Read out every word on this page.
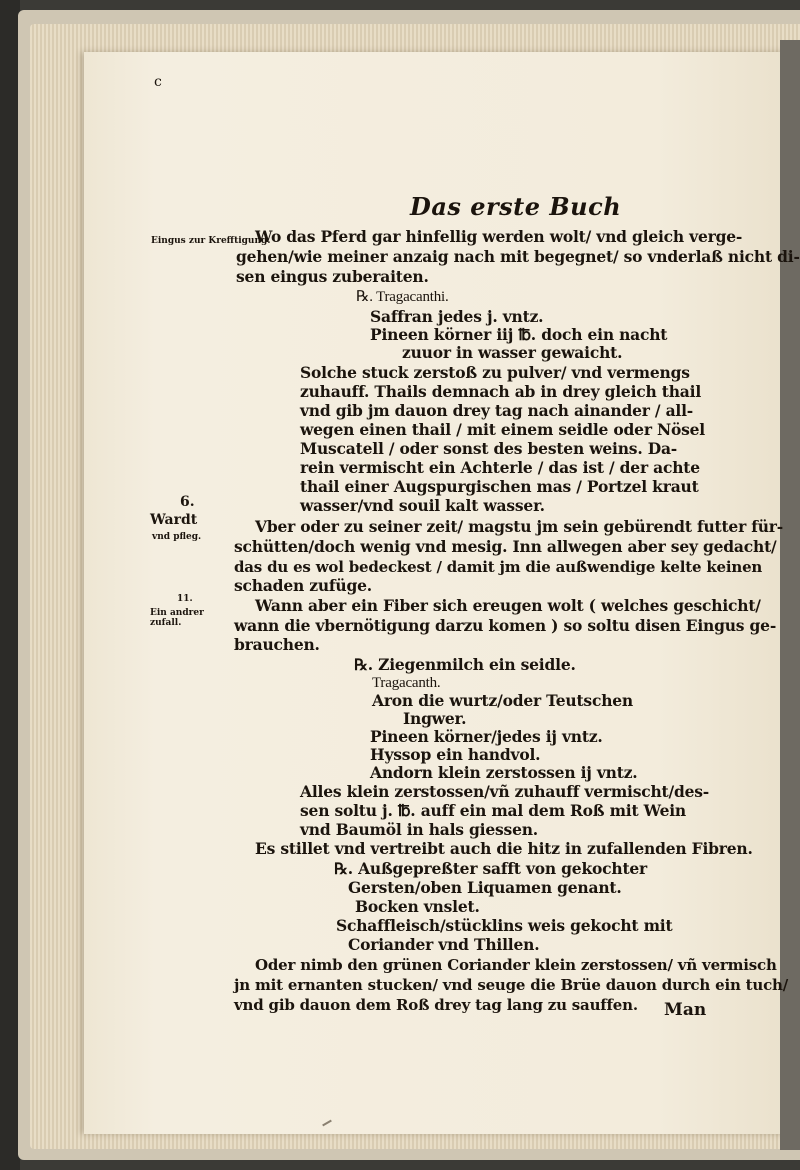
c
Das erste Buch
Eingus zur Krefftigung.
6.
Wardt
vnd pfleg.
11.
Ein andrer zufall.
Wo das Pferd gar hinfellig werden wolt/ vnd gleich verge-
gehen/wie meiner anzaig nach mit begegnet/ so vnderlaß nicht di-
sen eingus zuberaiten.
℞. Tragacanthi.
Saffran jedes j. vntz.
Pineen körner iij ℔. doch ein nacht
zuuor in wasser gewaicht.
Solche stuck zerstoß zu pulver/ vnd vermengs
zuhauff. Thails demnach ab in drey gleich thail
vnd gib jm dauon drey tag nach ainander / all-
wegen einen thail / mit einem seidle oder Nösel
Muscatell / oder sonst des besten weins. Da-
rein vermischt ein Achterle / das ist / der achte
thail einer Augspurgischen mas / Portzel kraut
wasser/vnd souil kalt wasser.
Vber oder zu seiner zeit/ magstu jm sein gebürendt futter für-
schütten/doch wenig vnd mesig. Inn allwegen aber sey gedacht/
das du es wol bedeckest / damit jm die außwendige kelte keinen
schaden zufüge.
Wann aber ein Fiber sich ereugen wolt ( welches geschicht/
wann die vbernötigung darzu komen ) so soltu disen Eingus ge-
brauchen.
℞. Ziegenmilch ein seidle.
Tragacanth.
Aron die wurtz/oder Teutschen
Ingwer.
Pineen körner/jedes ij vntz.
Hyssop ein handvol.
Andorn klein zerstossen ij vntz.
Alles klein zerstossen/vñ zuhauff vermischt/des-
sen soltu j. ℔. auff ein mal dem Roß mit Wein
vnd Baumöl in hals giessen.
Es stillet vnd vertreibt auch die hitz in zufallenden Fibren.
℞. Außgepreßter safft von gekochter
Gersten/oben Liquamen genant.
Bocken vnslet.
Schaffleisch/stücklins weis gekocht mit
Coriander vnd Thillen.
Oder nimb den grünen Coriander klein zerstossen/ vñ vermisch
jn mit ernanten stucken/ vnd seuge die Brüe dauon durch ein tuch/
vnd gib dauon dem Roß drey tag lang zu sauffen. Man
